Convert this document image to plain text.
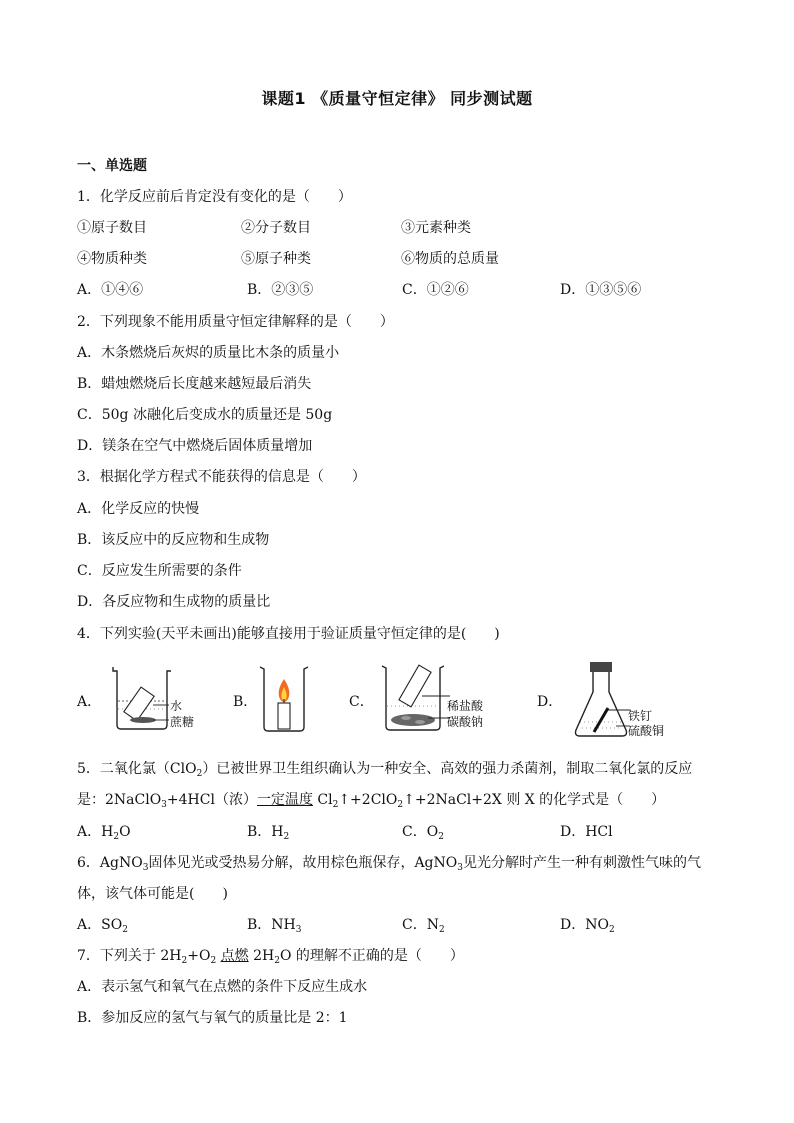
课题1 《质量守恒定律》 同步测试题
一、单选题
1．化学反应前后肯定没有变化的是（　　）
①原子数目	②分子数目	③元素种类
④物质种类	⑤原子种类	⑥物质的总质量
A．①④⑥	B．②③⑤	C．①②⑥	D．①③⑤⑥
2．下列现象不能用质量守恒定律解释的是（　　）
A．木条燃烧后灰烬的质量比木条的质量小
B．蜡烛燃烧后长度越来越短最后消失
C．50g 冰融化后变成水的质量还是 50g
D．镁条在空气中燃烧后固体质量增加
3．根据化学方程式不能获得的信息是（　　）
A．化学反应的快慢
B．该反应中的反应物和生成物
C．反应发生所需要的条件
D．各反应物和生成物的质量比
4．下列实验(天平未画出)能够直接用于验证质量守恒定律的是(　　)
A．	B．	C．	D．
水
蔗糖
稀盐酸
碳酸钠	铁钉
硫酸铜
5．二氧化氯（ClO$_2$）已被世界卫生组织确认为一种安全、高效的强力杀菌剂，制取二氧化氯的反应
是：2NaClO$_3$+4HCl（浓）一定温度 $Cl_2↑+2ClO_2↑+2NaCl+2X$ 则 X 的化学式是（　　）
A．$H_2O$	B．$H_2$	C．$O_2$	D．HCl
6．AgNO$_3$固体见光或受热易分解，故用棕色瓶保存，AgNO$_3$见光分解时产生一种有刺激性气味的气
体，该气体可能是(　　)
A．$SO_2$	B．$NH_3$	C．$N_2$	D．$NO_2$
7．下列关于 $2H_2+O_2$ 点燃 $2H_2O$ 的理解不正确的是（　　）
A．表示氢气和氧气在点燃的条件下反应生成水
B．参加反应的氢气与氧气的质量比是 2：1
